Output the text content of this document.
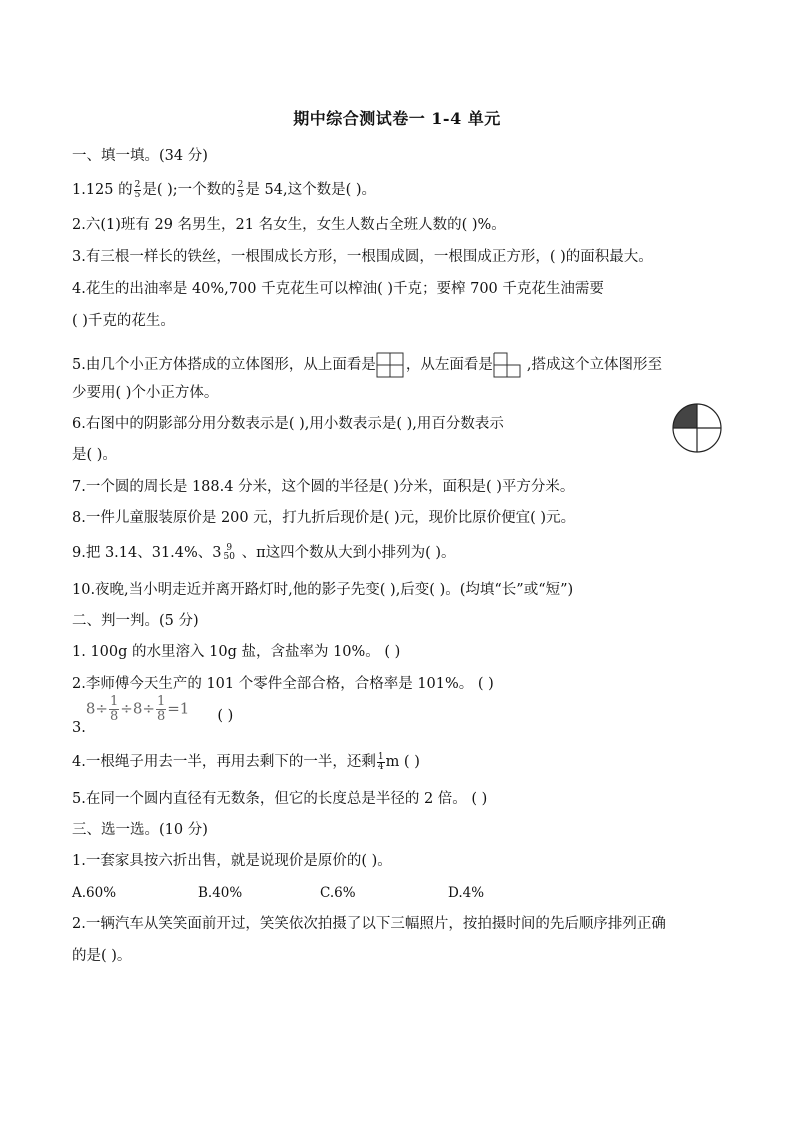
期中综合测试卷一 1-4 单元
一、填一填。(34 分)
1.125 的 $\frac{2}{5}$ 是( );一个数的 $\frac{2}{5}$ 是 54,这个数是( )。
2.六(1)班有 29 名男生，21 名女生，女生人数占全班人数的( )%。
3.有三根一样长的铁丝，一根围成长方形，一根围成圆，一根围成正方形，( )的面积最大。
4.花生的出油率是 40%,700 千克花生可以榨油( )千克；要榨 700 千克花生油需要
( )千克的花生。
5.由几个小正方体搭成的立体图形，从上面看是 ，从左面看是 ,搭成这个立体图形至
少要用( )个小正方体。
6.右图中的阴影部分用分数表示是( ),用小数表示是( ),用百分数表示
是( )。
7.一个圆的周长是 188.4 分米，这个圆的半径是( )分米，面积是( )平方分米。
8.一件儿童服装原价是 200 元，打九折后现价是( )元，现价比原价便宜( )元。
9.把 3.14、31.4%、3 9
50 、π这四个数从大到小排列为( )。
10.夜晚,当小明走近并离开路灯时,他的影子先变( ),后变( )。(均填“长”或“短”)
二、判一判。(5 分)
1. 100g 的水里溶入 10g 盐，含盐率为 10%。 ( )
2.李师傅今天生产的 101 个零件全部合格，合格率是 101%。 ( )
$3.8\div \frac{1}{8} \div 8\div \frac{1}{8} =1$ ( )
4.一根绳子用去一半，再用去剩下的一半，还剩 $\frac{1}{4}$ m ( )
5.在同一个圆内直径有无数条，但它的长度总是半径的 2 倍。 ( )
三、选一选。(10 分)
1.一套家具按六折出售，就是说现价是原价的( )。
A.60%	B.40%	C.6%	D.4%
2.一辆汽车从笑笑面前开过，笑笑依次拍摄了以下三幅照片，按拍摄时间的先后顺序排列正确
的是( )。
